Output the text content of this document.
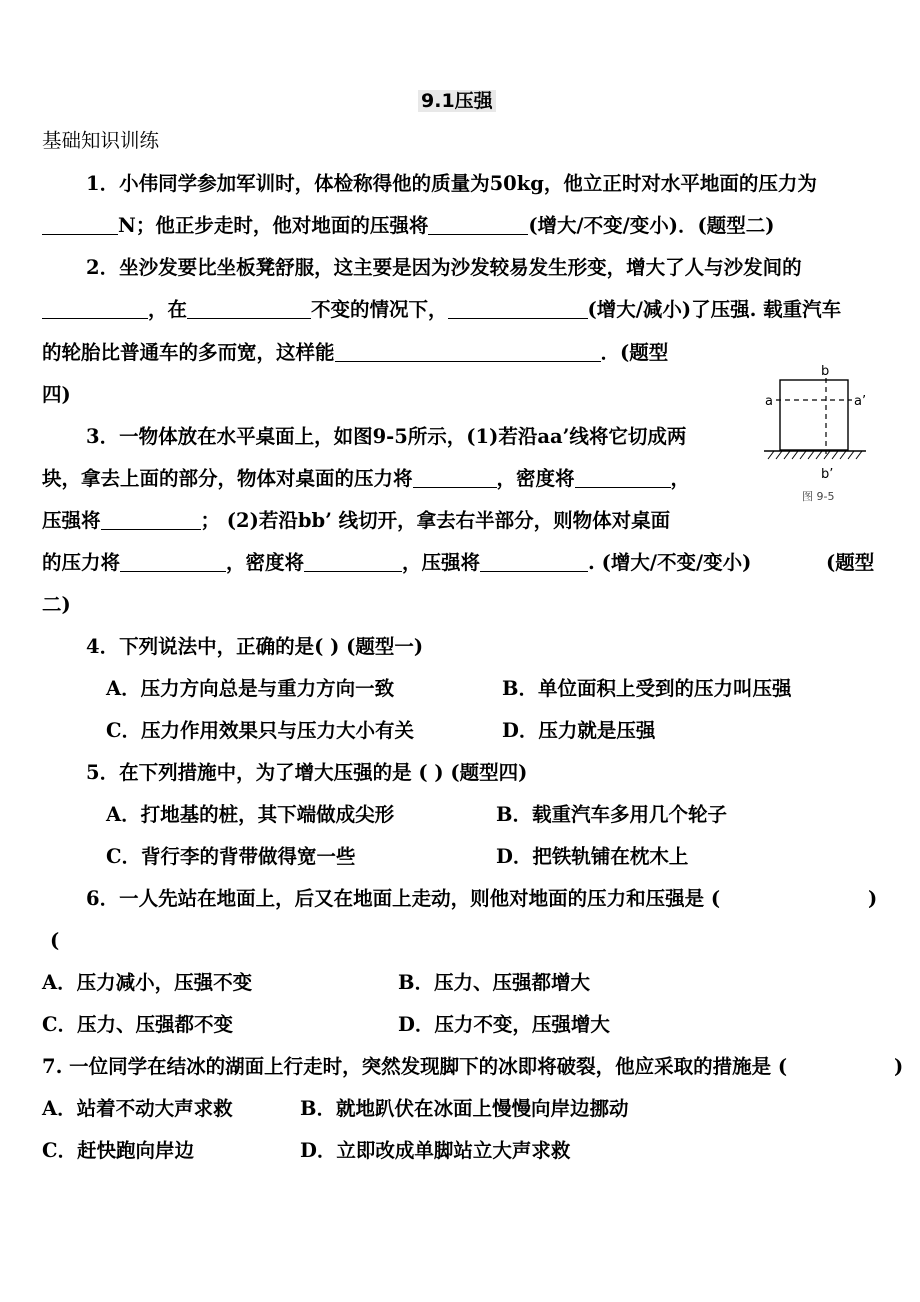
9.1压强
基础知识训练
1．小伟同学参加军训时，体检称得他的质量为50kg，他立正时对水平地面的压力为
N；他正步走时，他对地面的压强将	(增大/不变/变小)．(题型二)
2．坐沙发要比坐板凳舒服，这主要是因为沙发较易发生形变，增大了人与沙发间的
，在	不变的情况下，	(增大/减小)了压强. 载重汽车
的轮胎比普通车的多而宽，这样能	．(题型
四)
3．一物体放在水平桌面上，如图9-5所示，(1)若沿aa’线将它切成两
块，拿去上面的部分，物体对桌面的压力将	，密度将	，
压强将	； (2)若沿bb’ 线切开，拿去右半部分，则物体对桌面
的压力将	，密度将	，压强将	. (增大/不变/变小)	(题型
二)
a	a’
b
b’
图 9-5
4．下列说法中，正确的是( ) (题型一)
A．压力方向总是与重力方向一致	B．单位面积上受到的压力叫压强
C．压力作用效果只与压力大小有关	D．压力就是压强
5．在下列措施中，为了增大压强的是 ( ) (题型四)
A．打地基的桩，其下端做成尖形	B．载重汽车多用几个轮子
C．背行李的背带做得宽一些	D．把铁轨铺在枕木上
6．一人先站在地面上，后又在地面上走动，则他对地面的压力和压强是 (	)
(
A．压力减小，压强不变	B．压力、压强都增大
C．压力、压强都不变	D．压力不变，压强增大
7. 一位同学在结冰的湖面上行走时，突然发现脚下的冰即将破裂，他应采取的措施是 (	)
A．站着不动大声求救	B．就地趴伏在冰面上慢慢向岸边挪动
C．赶快跑向岸边	D．立即改成单脚站立大声求救
